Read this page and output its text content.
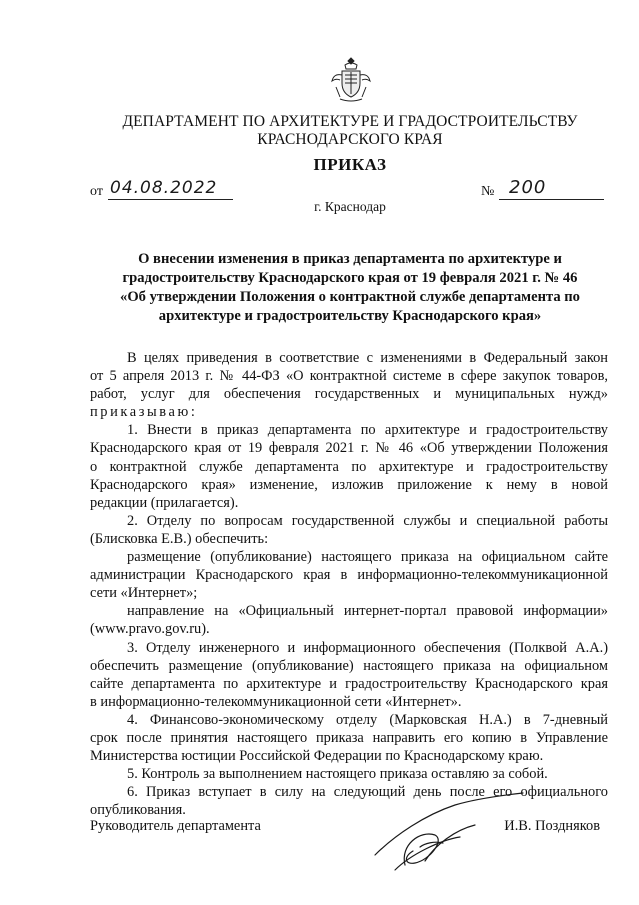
ДЕПАРТАМЕНТ ПО АРХИТЕКТУРЕ И ГРАДОСТРОИТЕЛЬСТВУ
КРАСНОДАРСКОГО КРАЯ
ПРИКАЗ
от 04.08.2022	№ 200
г. Краснодар
О внесении изменения в приказ департамента по архитектуре и
градостроительству Краснодарского края от 19 февраля 2021 г. № 46
«Об утверждении Положения о контрактной службе департамента по
архитектуре и градостроительству Краснодарского края»
В целях приведения в соответствие с изменениями в Федеральный закон
от 5 апреля 2013 г. № 44-ФЗ «О контрактной системе в сфере закупок товаров,
работ, услуг для обеспечения государственных и муниципальных нужд»
приказываю:
1. Внести в приказ департамента по архитектуре и градостроительству
Краснодарского края от 19 февраля 2021 г. № 46 «Об утверждении Положения
о контрактной службе департамента по архитектуре и градостроительству
Краснодарского края» изменение, изложив приложение к нему в новой
редакции (прилагается).
2. Отделу по вопросам государственной службы и специальной работы
(Блисковка Е.В.) обеспечить:
размещение (опубликование) настоящего приказа на официальном сайте
администрации Краснодарского края в информационно-телекоммуникационной
сети «Интернет»;
направление на «Официальный интернет-портал правовой информации»
(www.pravo.gov.ru).
3. Отделу инженерного и информационного обеспечения (Полквой А.А.)
обеспечить размещение (опубликование) настоящего приказа на официальном
сайте департамента по архитектуре и градостроительству Краснодарского края
в информационно-телекоммуникационной сети «Интернет».
4. Финансово-экономическому отделу (Марковская Н.А.) в 7-дневный
срок после принятия настоящего приказа направить его копию в Управление
Министерства юстиции Российской Федерации по Краснодарскому краю.
5. Контроль за выполнением настоящего приказа оставляю за собой.
6. Приказ вступает в силу на следующий день после его официального
опубликования.
Руководитель департамента	И.В. Поздняков
